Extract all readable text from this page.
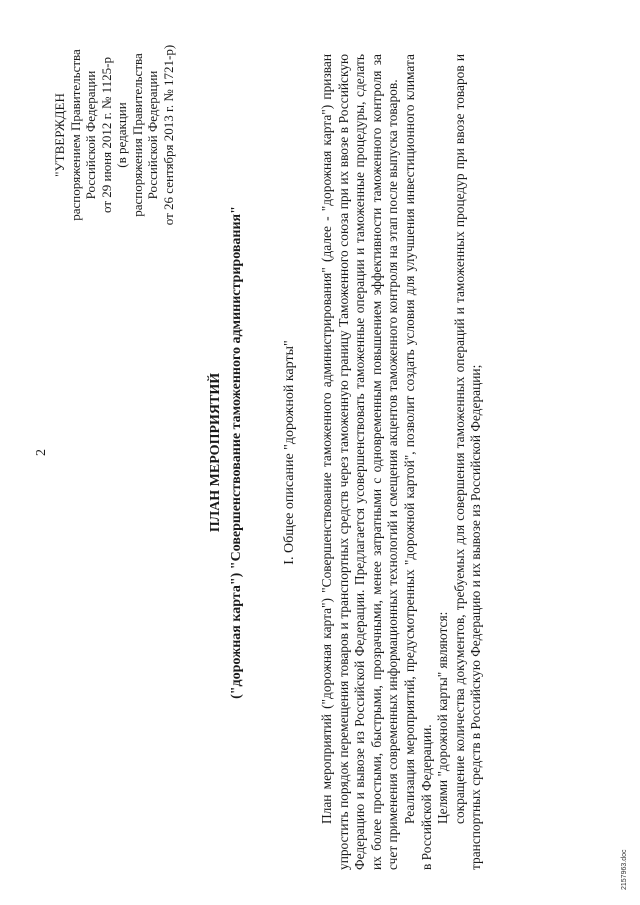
2
"УТВЕРЖДЕН распоряжением Правительства Российской Федерации от 29 июня 2012 г. № 1125-р (в редакции распоряжения Правительства Российской Федерации от 26 сентября 2013 г. № 1721-р)
ПЛАН МЕРОПРИЯТИЙ ("дорожная карта") "Совершенствование таможенного администрирования"	I. Общее описание "дорожной карты" План мероприятий ("дорожная карта") "Совершенствование таможенного администрирования" (далее - "дорожная карта") призван упростить порядок перемещения товаров и транспортных средств через таможенную границу Таможенного союза при их ввозе в Российскую Федерацию и вывозе из Российской Федерации. Предлагается усовершенствовать таможенные операции и таможенные процедуры, сделать их более простыми, быстрыми, прозрачными, менее затратными с одновременным повышением эффективности таможенного контроля за счет применения современных информационных технологий и смещения акцентов таможенного контроля на этап после выпуска товаров. Реализация мероприятий, предусмотренных "дорожной картой", позволит создать условия для улучшения инвестиционного климата в Российской Федерации. Целями "дорожной карты" являются: сокращение количества документов, требуемых для совершения таможенных операций и таможенных процедур при ввозе товаров и транспортных средств в Российскую Федерацию и их вывозе из Российской Федерации;	2157963.doc
